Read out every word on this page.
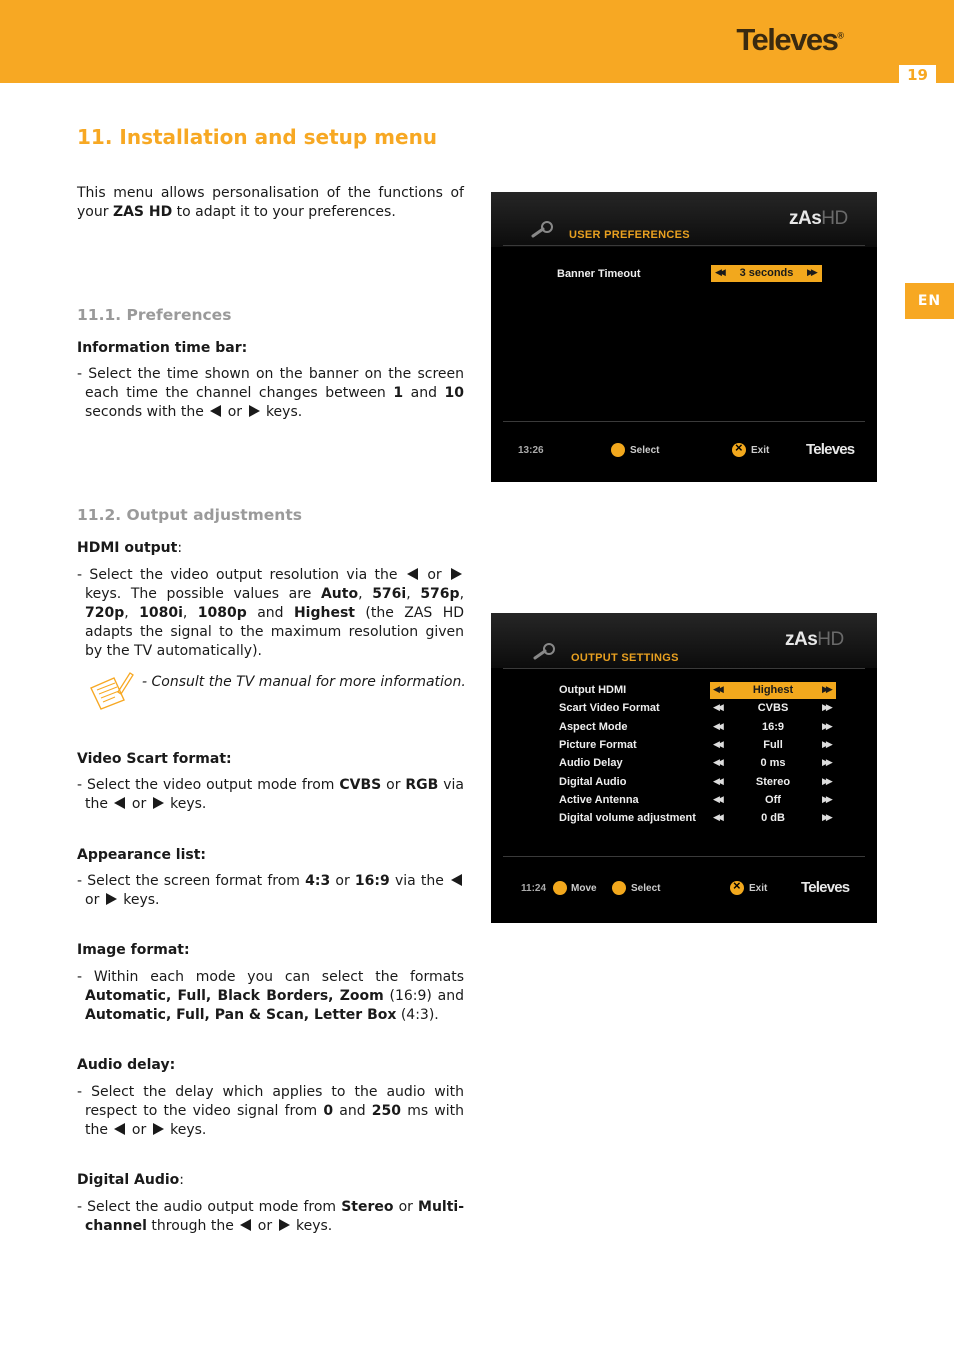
Televes®
19
EN
11. Installation and setup menu

This menu allows personalisation of the functions of your ZAS HD to adapt it to your preferences.

11.1. Preferences
Information time bar:

- Select the time shown on the banner on the screen each time the channel changes between 1 and 10 seconds with the or keys.

11.2. Output adjustments
HDMI output:

- Select the video output resolution via the or  keys. The possible values are Auto, 576i, 576p, 720p, 1080i, 1080p and Highest (the ZAS HD adapts the signal to the maximum resolution given by the TV automatically).

- Consult the TV manual for more information.
Video Scart format:

- Select the video output mode from CVBS or RGB via the or keys.

Appearance list:

- Select the screen format from 4:3 or 16:9 via the  or keys.

Image format:

- Within each mode you can select the formats Automatic, Full, Black Borders, Zoom (16:9) and Automatic, Full, Pan & Scan, Letter Box (4:3).

Audio delay:

- Select the delay which applies to the audio with respect to the video signal from 0 and 250 ms with the or keys.

Digital Audio:

- Select the audio output mode from Stereo or Multi-channel through the or keys.

zAsHD
USER PREFERENCES
Banner Timeout	◀◀	3 seconds	▶▶
13:26	Select ×	Exit Televes
zAsHD
OUTPUT SETTINGS
Output HDMI	◀◀	Highest	▶▶
Scart Video Format	◀◀	CVBS	▶▶
Aspect Mode	◀◀	16:9	▶▶
Picture Format	◀◀	Full	▶▶
Audio Delay	◀◀	0 ms	▶▶
Digital Audio	◀◀	Stereo	▶▶
Active Antenna	◀◀	Off	▶▶
Digital volume adjustment ◀◀	0 dB	▶▶
11:24 Move	Select ×	Exit Televes
